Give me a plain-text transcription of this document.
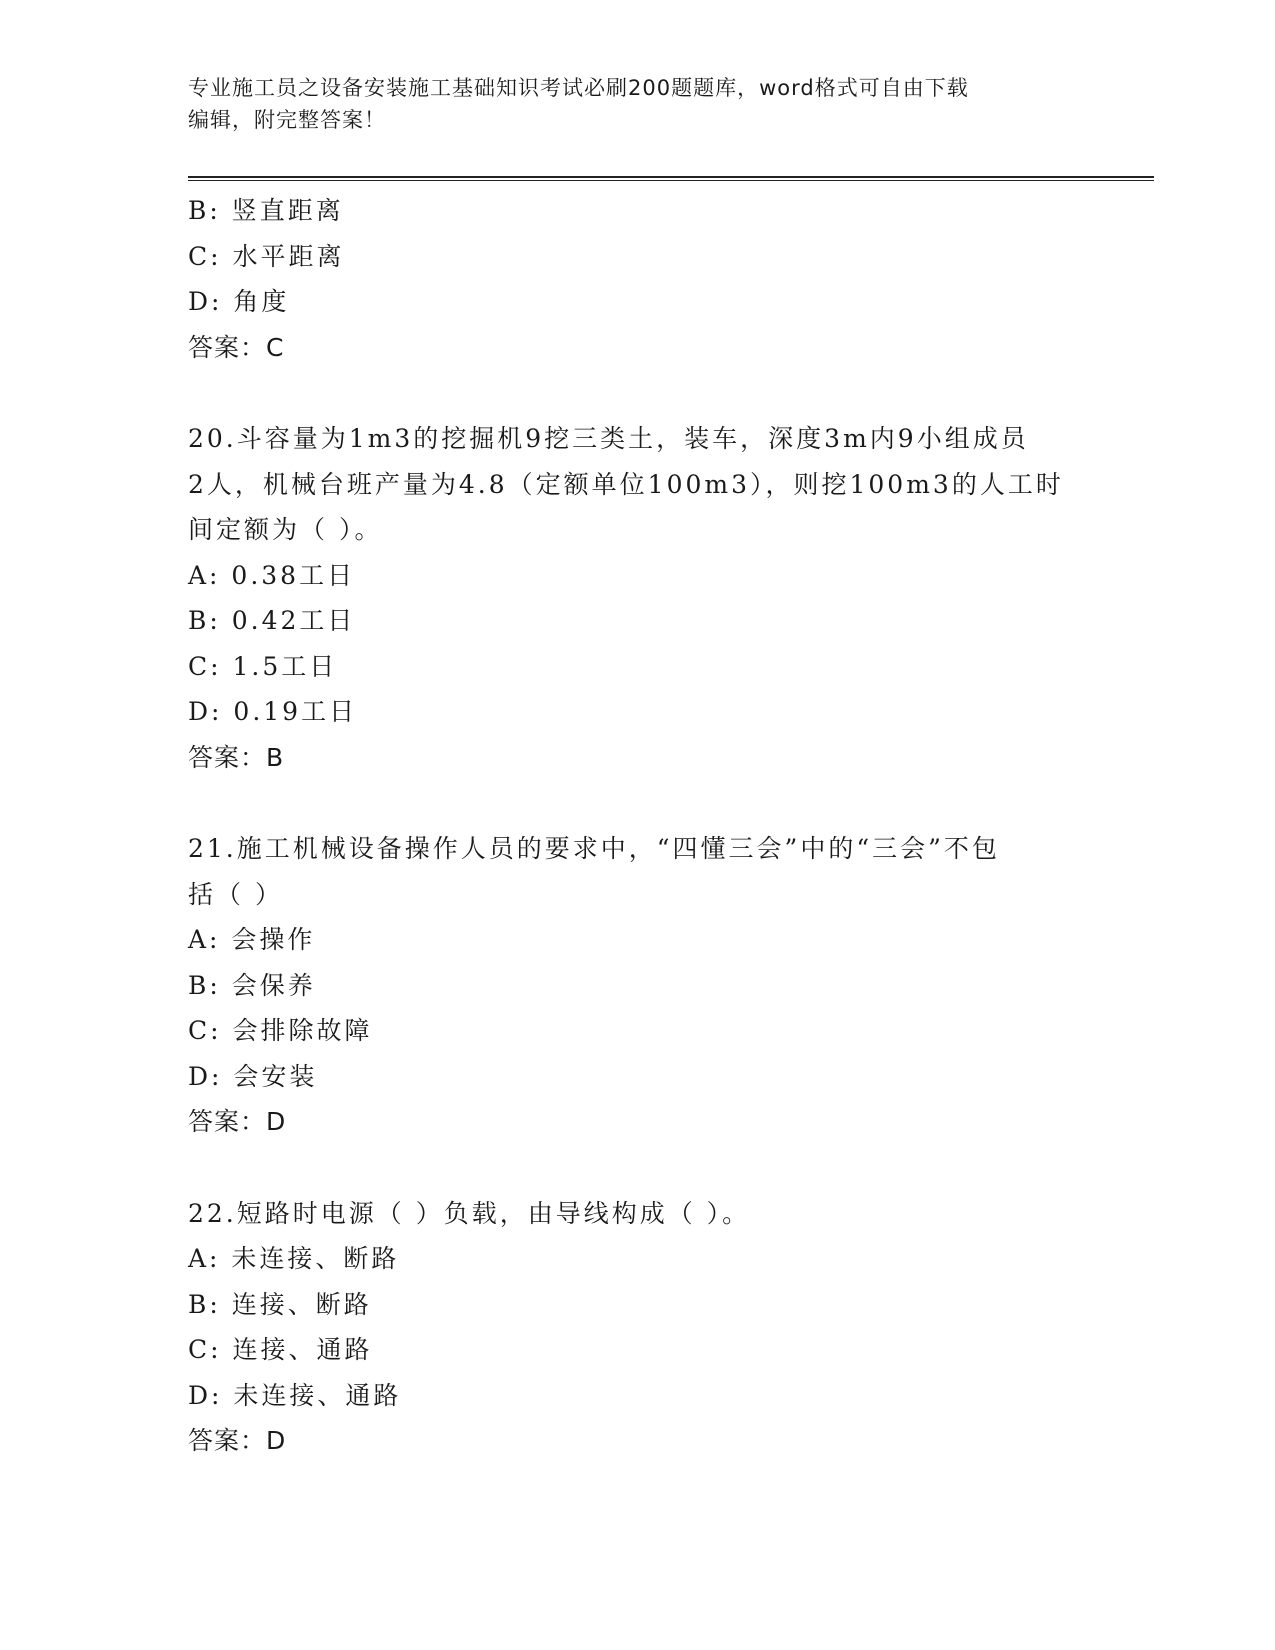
专业施工员之设备安装施工基础知识考试必刷200题题库，word格式可自由下载
编辑，附完整答案！
B: 竖直距离
C: 水平距离
D: 角度
答案：C
20.斗容量为1m3的挖掘机9挖三类土，装车，深度3m内9小组成员
2人，机械台班产量为4.8（定额单位100m3），则挖100m3的人工时
间定额为（ ）。
A: 0.38工日
B: 0.42工日
C: 1.5工日
D: 0.19工日
答案：B
21.施工机械设备操作人员的要求中，“四懂三会”中的“三会”不包
括（ ）
A: 会操作
B: 会保养
C: 会排除故障
D: 会安装
答案：D
22.短路时电源（ ）负载，由导线构成（ ）。
A: 未连接、断路
B: 连接、断路
C: 连接、通路
D: 未连接、通路
答案：D
